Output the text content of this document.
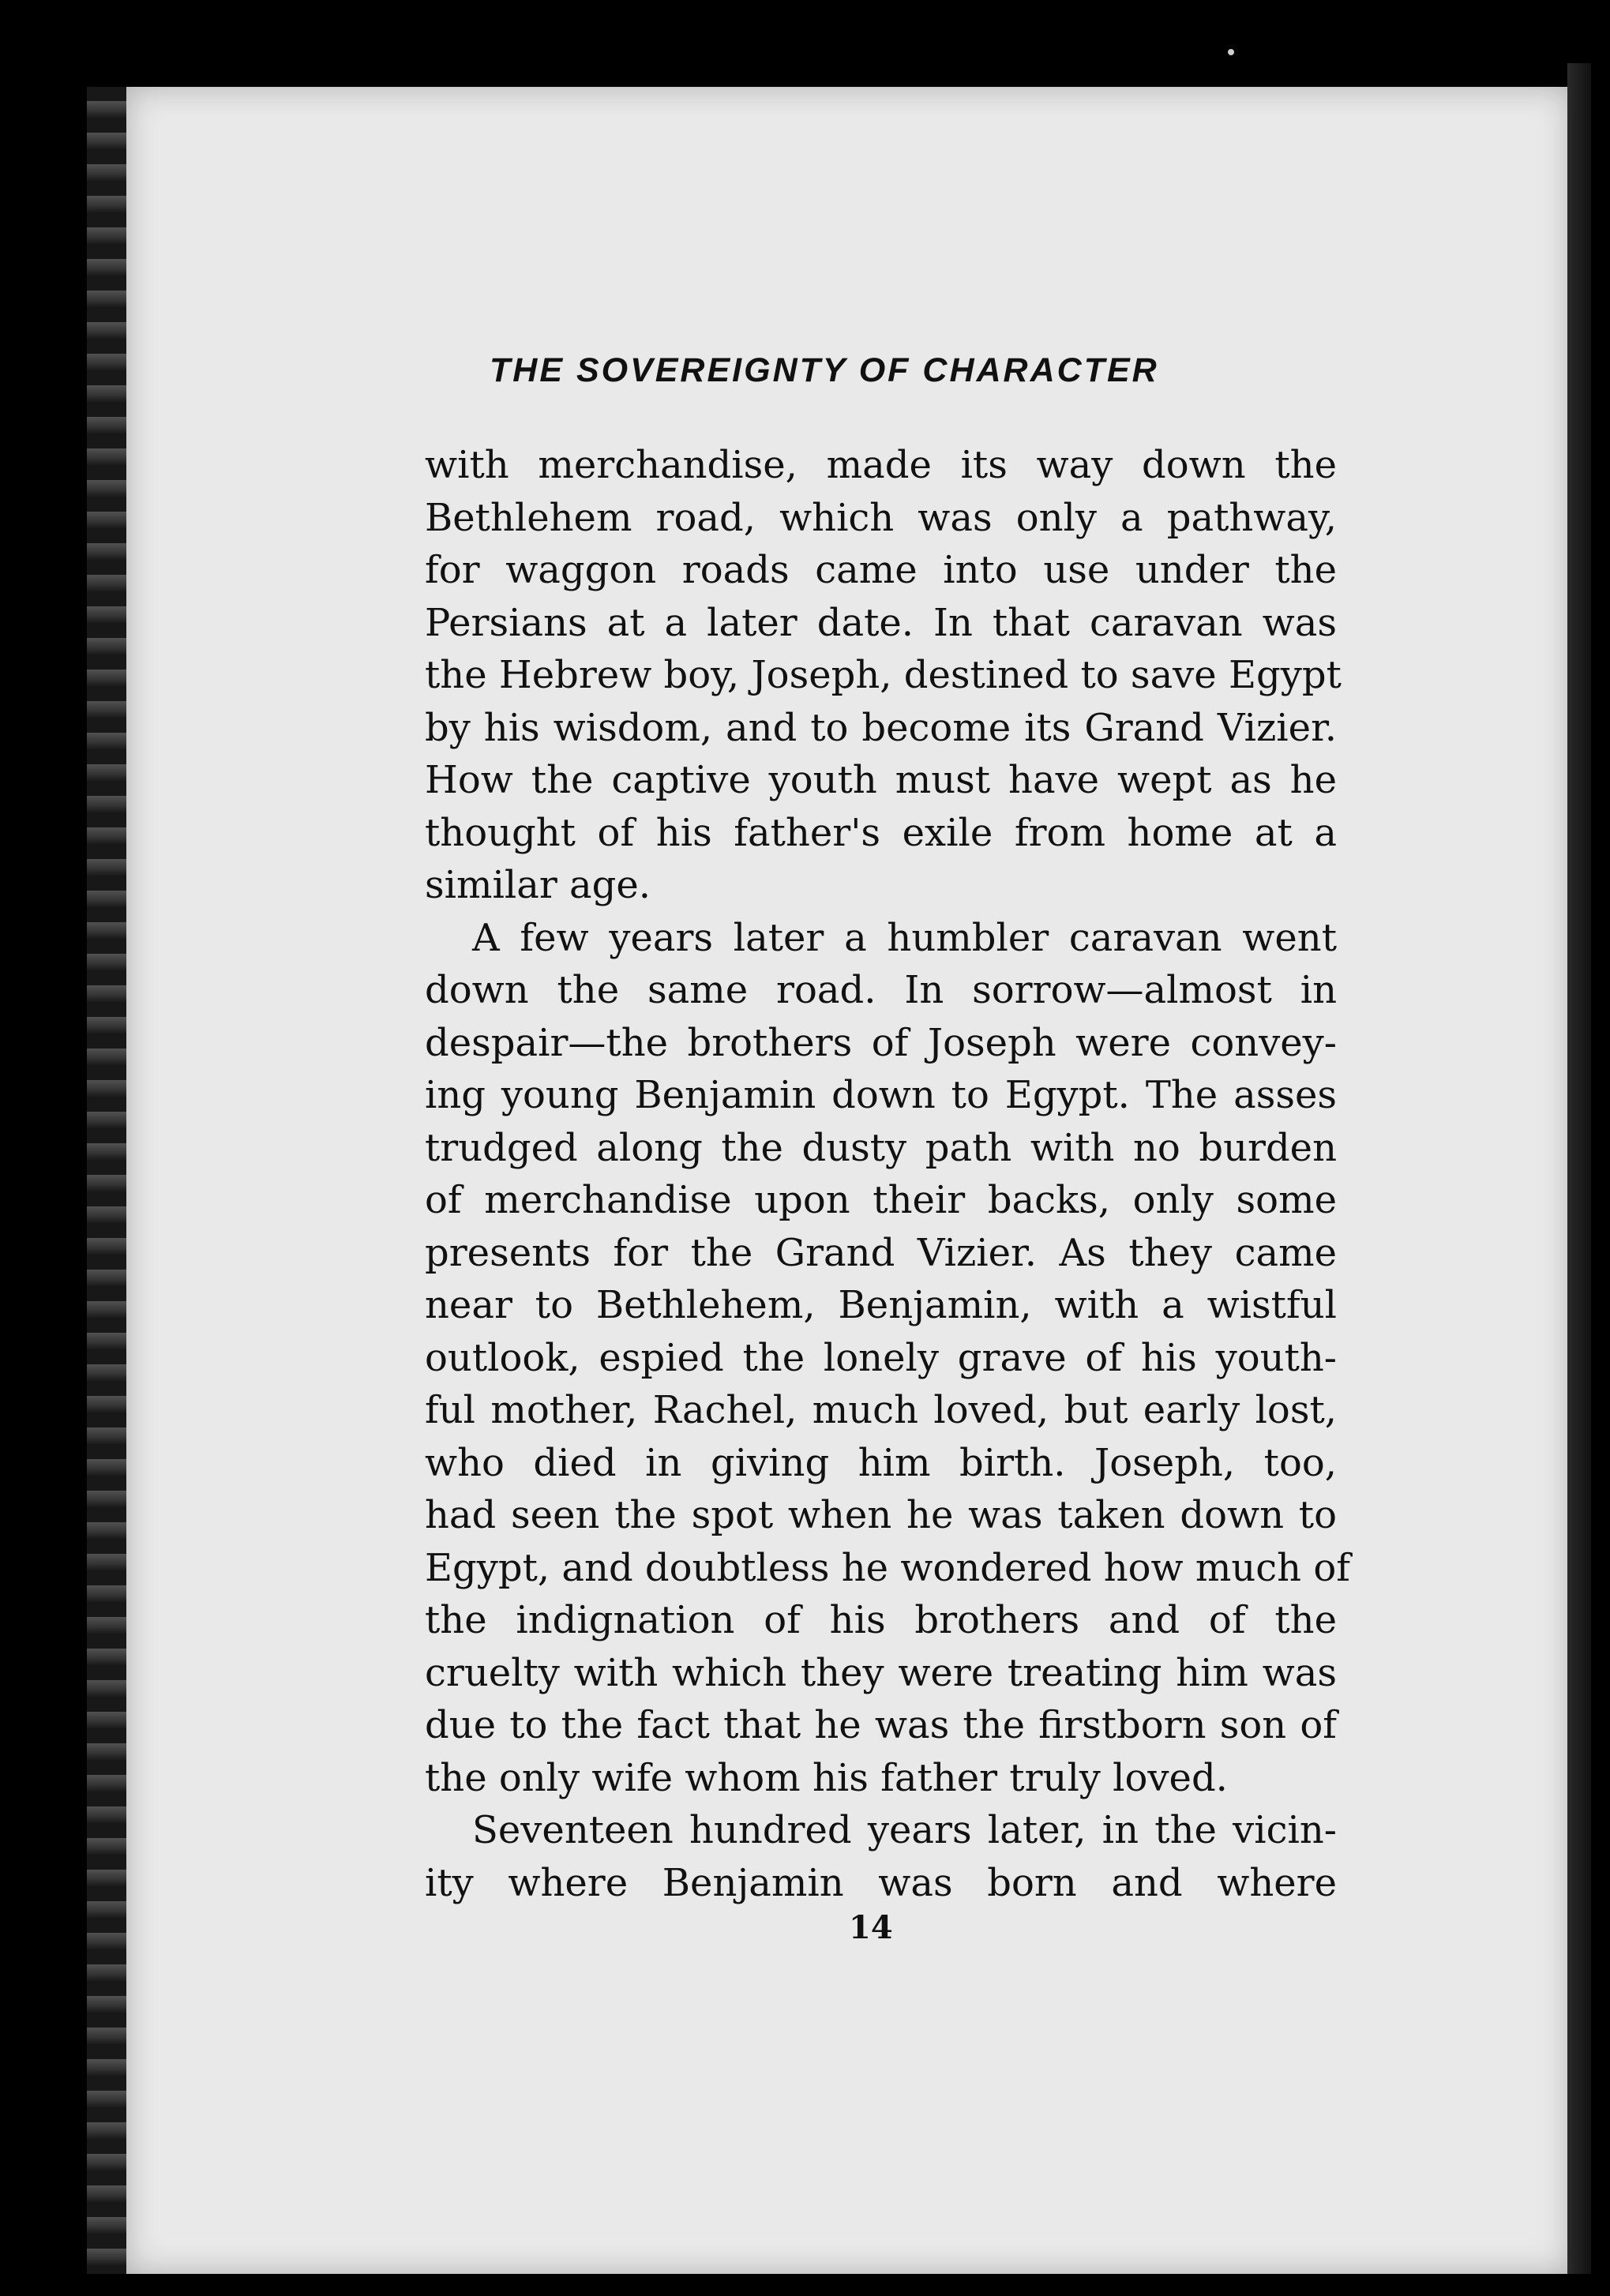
THE SOVEREIGNTY OF CHARACTER
with merchandise, made its way down the
Bethlehem road, which was only a pathway,
for waggon roads came into use under the
Persians at a later date. In that caravan was
the Hebrew boy, Joseph, destined to save Egypt
by his wisdom, and to become its Grand Vizier.
How the captive youth must have wept as he
thought of his father's exile from home at a
similar age.
A few years later a humbler caravan went
down the same road. In sorrow—almost in
despair—the brothers of Joseph were convey-
ing young Benjamin down to Egypt. The asses
trudged along the dusty path with no burden
of merchandise upon their backs, only some
presents for the Grand Vizier. As they came
near to Bethlehem, Benjamin, with a wistful
outlook, espied the lonely grave of his youth-
ful mother, Rachel, much loved, but early lost,
who died in giving him birth. Joseph, too,
had seen the spot when he was taken down to
Egypt, and doubtless he wondered how much of
the indignation of his brothers and of the
cruelty with which they were treating him was
due to the fact that he was the firstborn son of
the only wife whom his father truly loved.
Seventeen hundred years later, in the vicin-
ity where Benjamin was born and where
14
